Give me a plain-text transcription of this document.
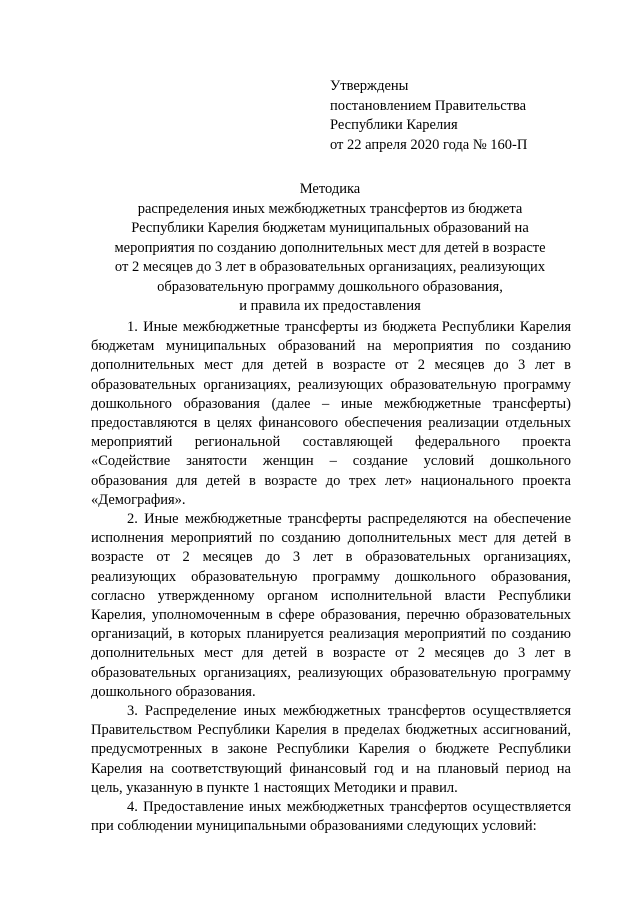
Утверждены
постановлением Правительства
Республики Карелия
от 22 апреля 2020 года № 160-П
Методика
распределения иных межбюджетных трансфертов из бюджета
Республики Карелия бюджетам муниципальных образований на
мероприятия по созданию дополнительных мест для детей в возрасте
от 2 месяцев до 3 лет в образовательных организациях, реализующих
образовательную программу дошкольного образования,
и правила их предоставления

1. Иные межбюджетные трансферты из бюджета Республики Карелия бюджетам муниципальных образований на мероприятия по созданию дополнительных мест для детей в возрасте от 2 месяцев до 3 лет в образовательных организациях, реализующих образовательную программу дошкольного образования (далее – иные межбюджетные трансферты) предоставляются в целях финансового обеспечения реализации отдельных мероприятий региональной составляющей федерального проекта «Содействие занятости женщин – создание условий дошкольного образования для детей в возрасте до трех лет» национального проекта «Демография».

2. Иные межбюджетные трансферты распределяются на обеспечение исполнения мероприятий по созданию дополнительных мест для детей в возрасте от 2 месяцев до 3 лет в образовательных организациях, реализующих образовательную программу дошкольного образования, согласно утвержденному органом исполнительной власти Республики Карелия, уполномоченным в сфере образования, перечню образовательных организаций, в которых планируется реализация мероприятий по созданию дополнительных мест для детей в возрасте от 2 месяцев до 3 лет в образовательных организациях, реализующих образовательную программу дошкольного образования.

3. Распределение иных межбюджетных трансфертов осуществляется Правительством Республики Карелия в пределах бюджетных ассигнований, предусмотренных в законе Республики Карелия о бюджете Республики Карелия на соответствующий финансовый год и на плановый период на цель, указанную в пункте 1 настоящих Методики и правил.

4. Предоставление иных межбюджетных трансфертов осуществляется при соблюдении муниципальными образованиями следующих условий:
